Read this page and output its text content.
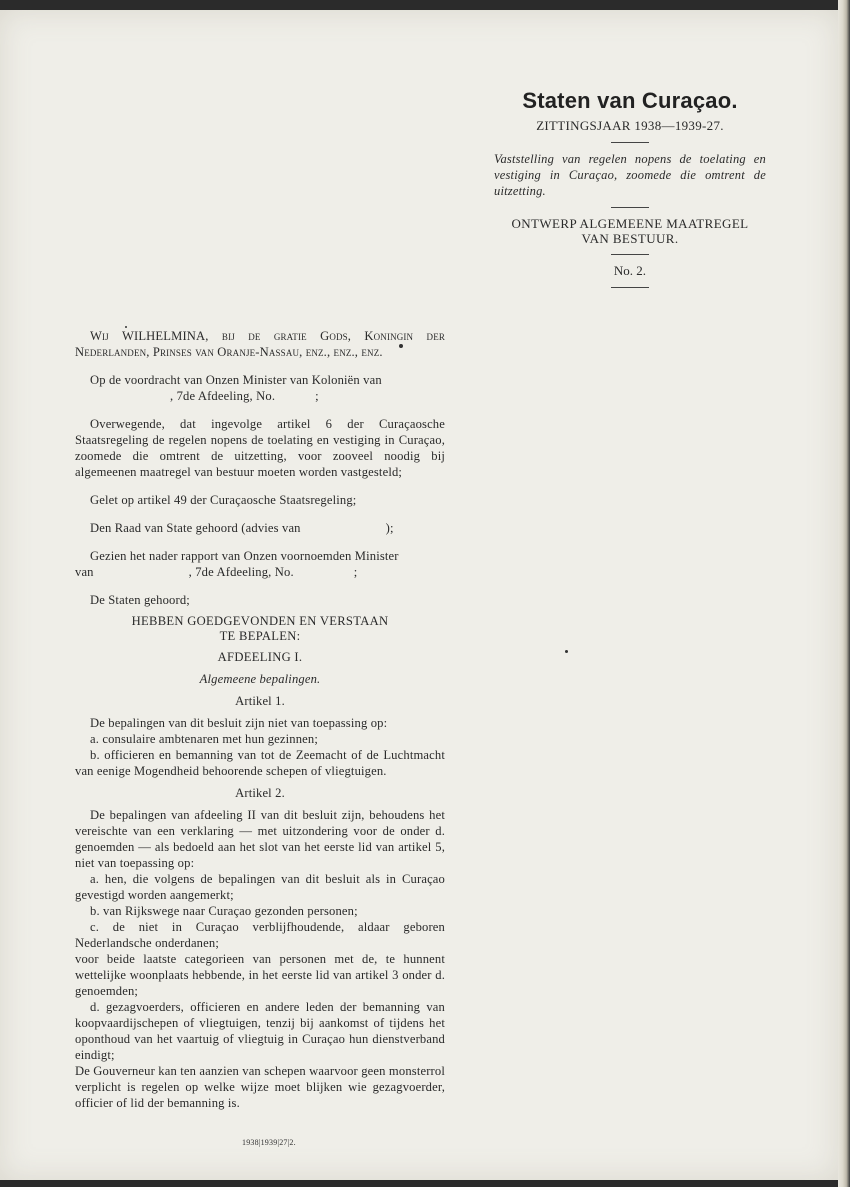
Staten van Curaçao.
ZITTINGSJAAR 1938—1939-27.
Vaststelling van regelen nopens de toelating en vestiging in Curaçao, zoomede die omtrent de uitzetting.
ONTWERP ALGEMEENE MAATREGEL
VAN BESTUUR.
No. 2.

Wij WILHELMINA, bij de gratie Gods, Koningin der Nederlanden, Prinses van Oranje-Nassau, enz., enz., enz.

Op de voordracht van Onzen Minister van Koloniën van
, 7de Afdeeling, No.	;

Overwegende, dat ingevolge artikel 6 der Curaçaosche Staatsregeling de regelen nopens de toelating en vestiging in Curaçao, zoomede die omtrent de uitzetting, voor zooveel noodig bij algemeenen maatregel van bestuur moeten worden vastgesteld;

Gelet op artikel 49 der Curaçaosche Staatsregeling;

Den Raad van State gehoord (advies van	);

Gezien het nader rapport van Onzen voornoemden Minister
van	, 7de Afdeeling, No.	;

De Staten gehoord;

HEBBEN GOEDGEVONDEN EN VERSTAAN
TE BEPALEN:
AFDEELING I.
Algemeene bepalingen.
Artikel 1.

De bepalingen van dit besluit zijn niet van toepassing op:

a. consulaire ambtenaren met hun gezinnen;

b. officieren en bemanning van tot de Zeemacht of de Luchtmacht van eenige Mogendheid behoorende schepen of vliegtuigen.

Artikel 2.

De bepalingen van afdeeling II van dit besluit zijn, behoudens het vereischte van een verklaring — met uitzondering voor de onder d. genoemden — als bedoeld aan het slot van het eerste lid van artikel 5, niet van toepassing op:

a. hen, die volgens de bepalingen van dit besluit als in Curaçao gevestigd worden aangemerkt;

b. van Rijkswege naar Curaçao gezonden personen;

c. de niet in Curaçao verblijfhoudende, aldaar geboren Nederlandsche onderdanen;

voor beide laatste categorieen van personen met de, te hunnent wettelijke woonplaats hebbende, in het eerste lid van artikel 3 onder d. genoemden;

d. gezagvoerders, officieren en andere leden der bemanning van koopvaardijschepen of vliegtuigen, tenzij bij aankomst of tijdens het oponthoud van het vaartuig of vliegtuig in Curaçao hun dienstverband eindigt;

De Gouverneur kan ten aanzien van schepen waarvoor geen monsterrol verplicht is regelen op welke wijze moet blijken wie gezagvoerder, officier of lid der bemanning is.

1938|1939|27|2.
